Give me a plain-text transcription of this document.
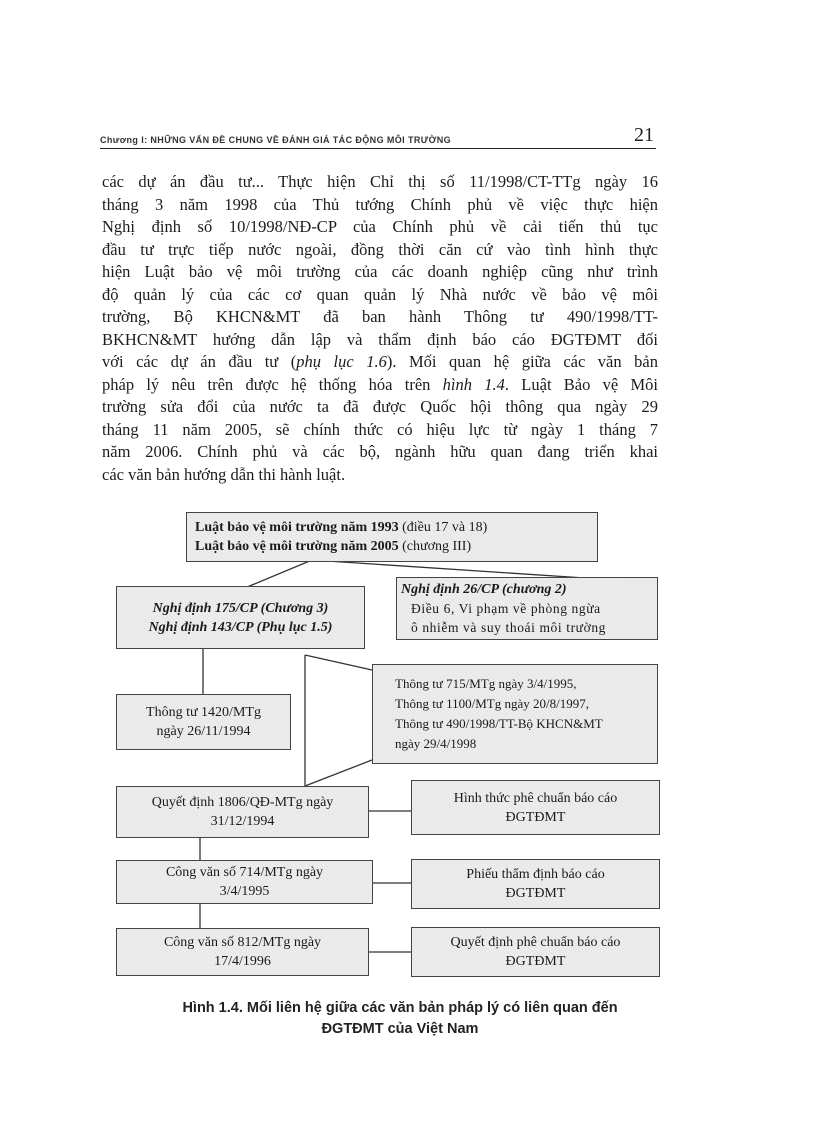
Chương I: NHỮNG VẤN ĐỀ CHUNG VỀ ĐÁNH GIÁ TÁC ĐỘNG MÔI TRƯỜNG	21
các dự án đầu tư... Thực hiện Chỉ thị số 11/1998/CT-TTg ngày 16
tháng 3 năm 1998 của Thủ tướng Chính phủ về việc thực hiện
Nghị định số 10/1998/NĐ-CP của Chính phủ về cải tiến thủ tục
đầu tư trực tiếp nước ngoài, đồng thời căn cứ vào tình hình thực
hiện Luật bảo vệ môi trường của các doanh nghiệp cũng như trình
độ quản lý của các cơ quan quản lý Nhà nước về bảo vệ môi
trường, Bộ KHCN&MT đã ban hành Thông tư 490/1998/TT-
BKHCN&MT hướng dẫn lập và thẩm định báo cáo ĐGTĐMT đối
với các dự án đầu tư (phụ lục 1.6). Mối quan hệ giữa các văn bản
pháp lý nêu trên được hệ thống hóa trên hình 1.4. Luật Bảo vệ Môi
trường sửa đổi của nước ta đã được Quốc hội thông qua ngày 29
tháng 11 năm 2005, sẽ chính thức có hiệu lực từ ngày 1 tháng 7
năm 2006. Chính phủ và các bộ, ngành hữu quan đang triển khai
các văn bản hướng dẫn thi hành luật.
Luật bảo vệ môi trường năm 1993 (điều 17 và 18)
Luật bảo vệ môi trường năm 2005 (chương III)
Nghị định 175/CP (Chương 3)
Nghị định 143/CP (Phụ lục 1.5)
Nghị định 26/CP (chương 2)
Điều 6, Vi phạm về phòng ngừa
ô nhiễm và suy thoái môi trường
Thông tư 1420/MTg
ngày 26/11/1994
Thông tư 715/MTg ngày 3/4/1995,
Thông tư 1100/MTg ngày 20/8/1997,
Thông tư 490/1998/TT-Bộ KHCN&MT
ngày 29/4/1998
Quyết định 1806/QĐ-MTg ngày
31/12/1994
Hình thức phê chuẩn báo cáo
ĐGTĐMT
Công văn số 714/MTg ngày
3/4/1995
Phiếu thẩm định báo cáo
ĐGTĐMT
Công văn số 812/MTg ngày
17/4/1996
Quyết định phê chuẩn báo cáo
ĐGTĐMT
Hình 1.4. Mối liên hệ giữa các văn bản pháp lý có liên quan đến
ĐGTĐMT của Việt Nam
